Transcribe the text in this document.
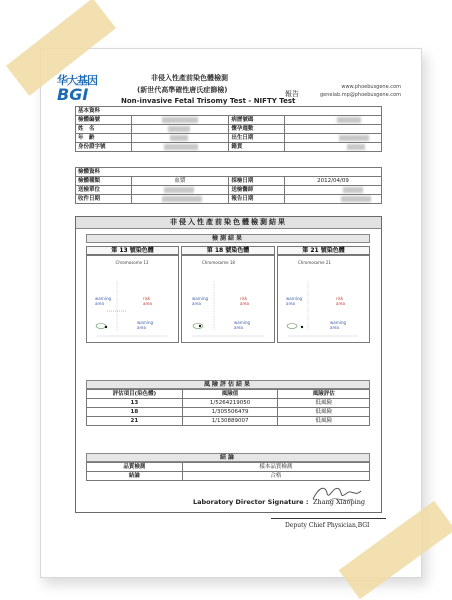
华大基因
BGI
非侵入性產前染色體檢測
(新世代高準確性唐氏症篩檢)
Non-invasive Fetal Trisomy Test - NIFTY Test
報告
www.phoebusgene.com
genelab.mp@phoebusgene.com
基本資料			
檢體編號		病歷號碼	
姓　名		懷孕週數	
年　齡		出生日期	
身份證字號		籍貫	
檢體資料			
檢體種類	血漿	採檢日期	2012/04/09
送檢單位		送檢醫師	
收件日期		報告日期	
非侵入性產前染色體檢測結果
檢測結果
第 13 號染色體	第 18 號染色體	第 21 號染色體
Chromosome 13
warning
area
risk
area
warning
area
Chromosome 18
warning
area
risk
area
warning
area
Chromosome 21
warning
area
risk
area
warning
area
風險評估結果
評估項目(染色體)	風險值	風險評估
13	1/5264219050	低風險
18	1/305506479	低風險
21	1/130889007	低風險
結論
品質檢測	樣本品質檢測
結論	合格
Laboratory Director Signature : Zhang Xiaoping
Deputy Chief Physician,BGI
